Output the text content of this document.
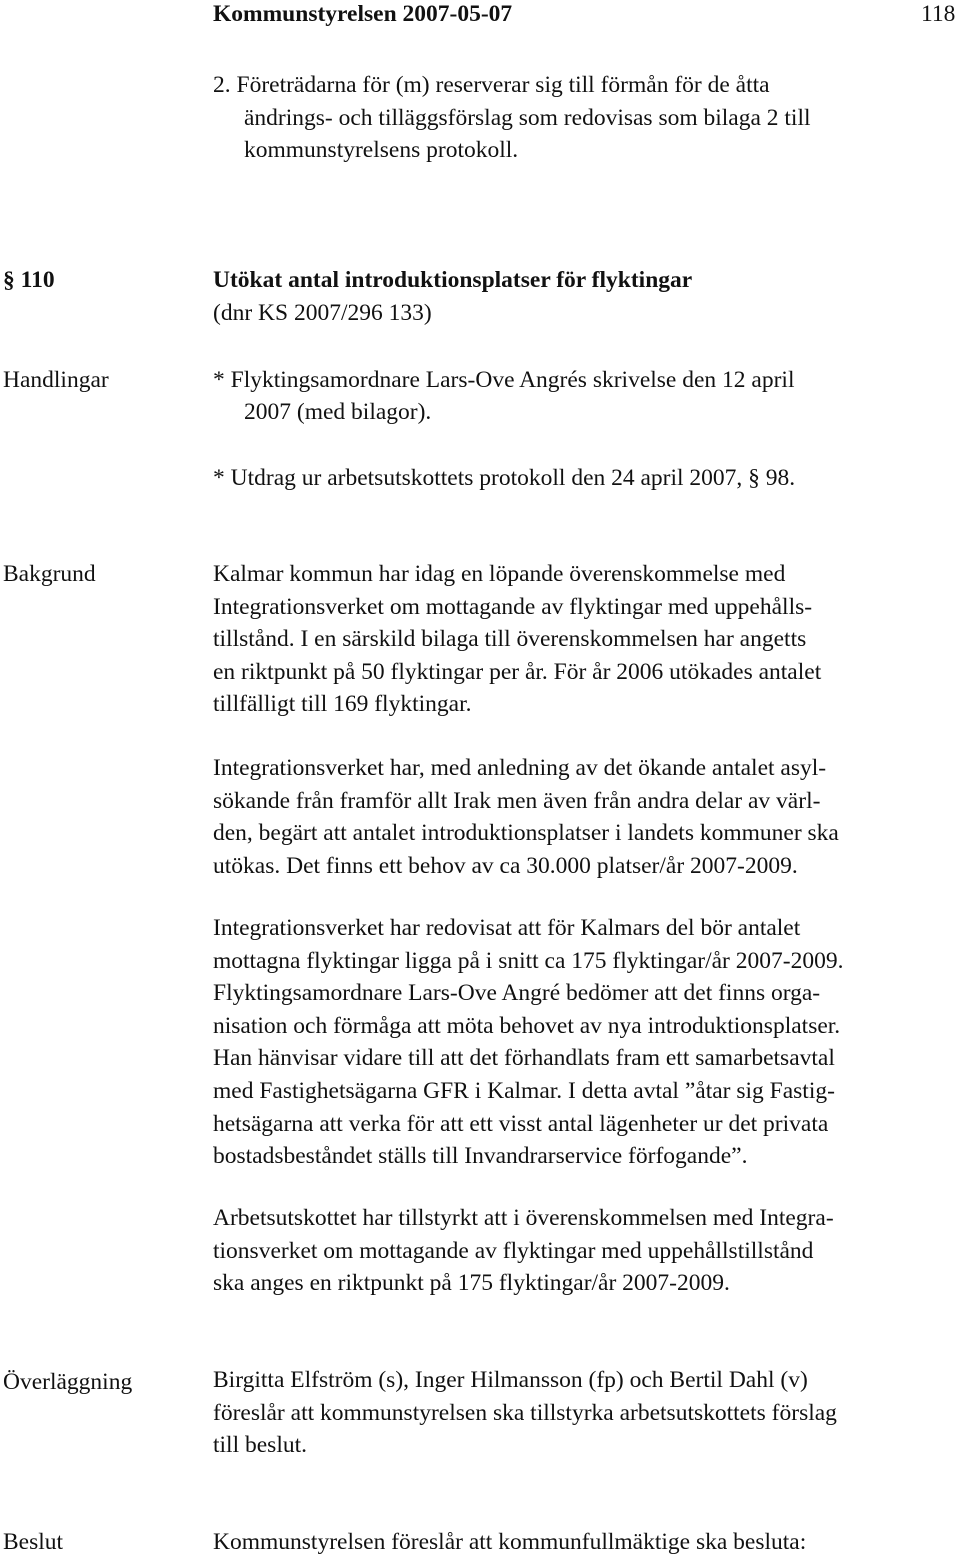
Kommunstyrelsen 2007-05-07	118
2. Företrädarna för (m) reserverar sig till förmån för de åtta
ändrings- och tilläggsförslag som redovisas som bilaga 2 till
kommunstyrelsens protokoll.
§ 110	Utökat antal introduktionsplatser för flyktingar
(dnr KS 2007/296 133)
Handlingar	* Flyktingsamordnare Lars-Ove Angrés skrivelse den 12 april
2007 (med bilagor).
* Utdrag ur arbetsutskottets protokoll den 24 april 2007, § 98.
Bakgrund	Kalmar kommun har idag en löpande överenskommelse med
Integrationsverket om mottagande av flyktingar med uppehålls-
tillstånd. I en särskild bilaga till överenskommelsen har angetts
en riktpunkt på 50 flyktingar per år. För år 2006 utökades antalet
tillfälligt till 169 flyktingar.
Integrationsverket har, med anledning av det ökande antalet asyl-
sökande från framför allt Irak men även från andra delar av värl-
den, begärt att antalet introduktionsplatser i landets kommuner ska
utökas. Det finns ett behov av ca 30.000 platser/år 2007-2009.
Integrationsverket har redovisat att för Kalmars del bör antalet
mottagna flyktingar ligga på i snitt ca 175 flyktingar/år 2007-2009.
Flyktingsamordnare Lars-Ove Angré bedömer att det finns orga-
nisation och förmåga att möta behovet av nya introduktionsplatser.
Han hänvisar vidare till att det förhandlats fram ett samarbetsavtal
med Fastighetsägarna GFR i Kalmar. I detta avtal ”åtar sig Fastig-
hetsägarna att verka för att ett visst antal lägenheter ur det privata
bostadsbeståndet ställs till Invandrarservice förfogande”.
Arbetsutskottet har tillstyrkt att i överenskommelsen med Integra-
tionsverket om mottagande av flyktingar med uppehållstillstånd
ska anges en riktpunkt på 175 flyktingar/år 2007-2009.
Överläggning	Birgitta Elfström (s), Inger Hilmansson (fp) och Bertil Dahl (v)
föreslår att kommunstyrelsen ska tillstyrka arbetsutskottets förslag
till beslut.
Beslut	Kommunstyrelsen föreslår att kommunfullmäktige ska besluta:
